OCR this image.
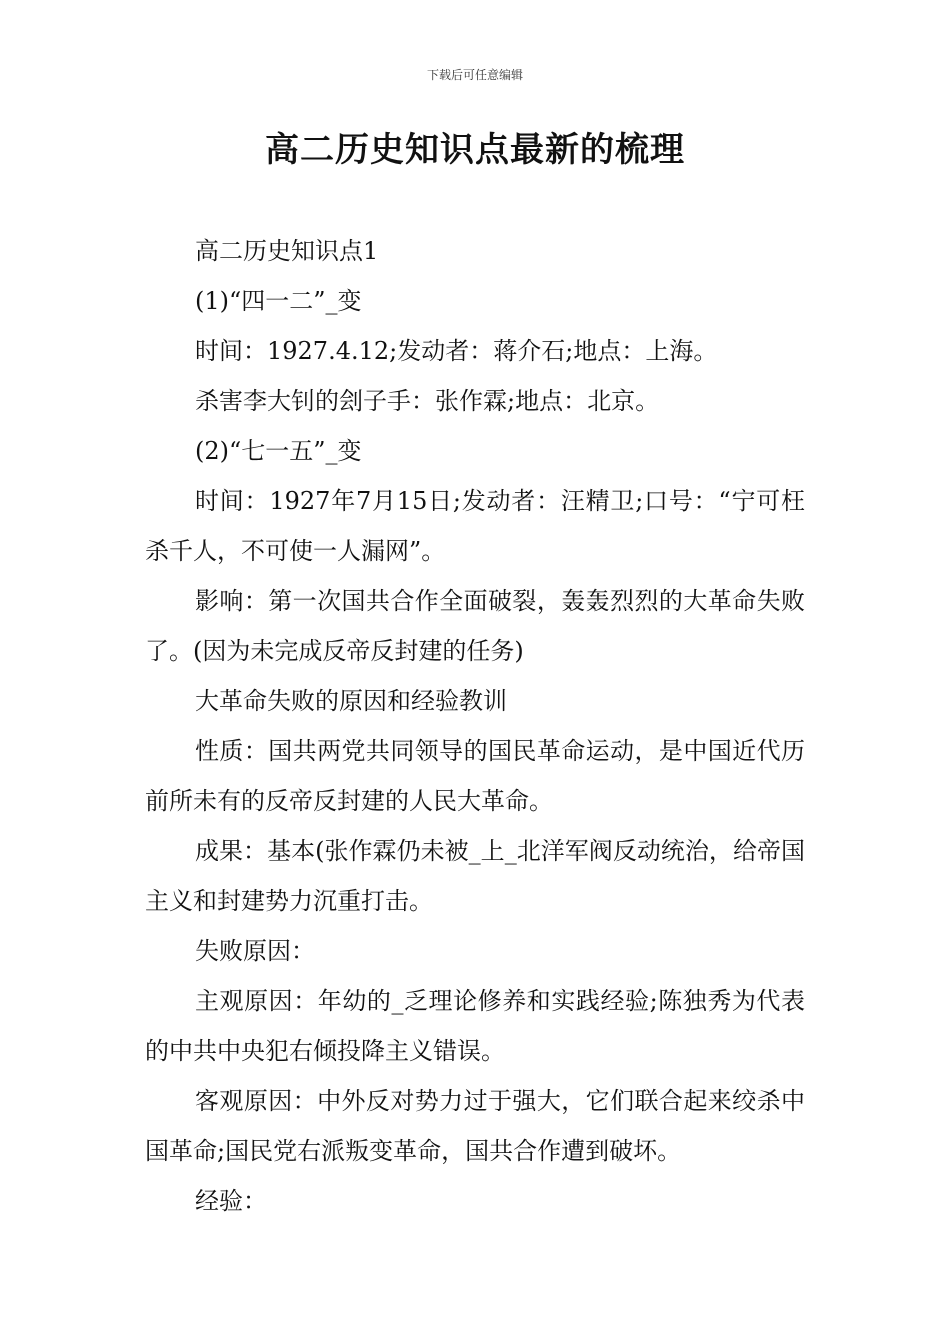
下载后可任意编辑
高二历史知识点最新的梳理

高二历史知识点1

(1)“四一二”_变

时间：1927.4.12;发动者：蒋介石;地点：上海。

杀害李大钊的刽子手：张作霖;地点：北京。

(2)“七一五”_变

时间：1927年7月15日;发动者：汪精卫;口号：“宁可枉杀千人，不可使一人漏网”。

影响：第一次国共合作全面破裂，轰轰烈烈的大革命失败了。(因为未完成反帝反封建的任务)

大革命失败的原因和经验教训

性质：国共两党共同领导的国民革命运动，是中国近代历前所未有的反帝反封建的人民大革命。

成果：基本(张作霖仍未被_上_北洋军阀反动统治，给帝国主义和封建势力沉重打击。

失败原因：

主观原因：年幼的_乏理论修养和实践经验;陈独秀为代表的中共中央犯右倾投降主义错误。

客观原因：中外反对势力过于强大，它们联合起来绞杀中国革命;国民党右派叛变革命，国共合作遭到破坏。

经验：
